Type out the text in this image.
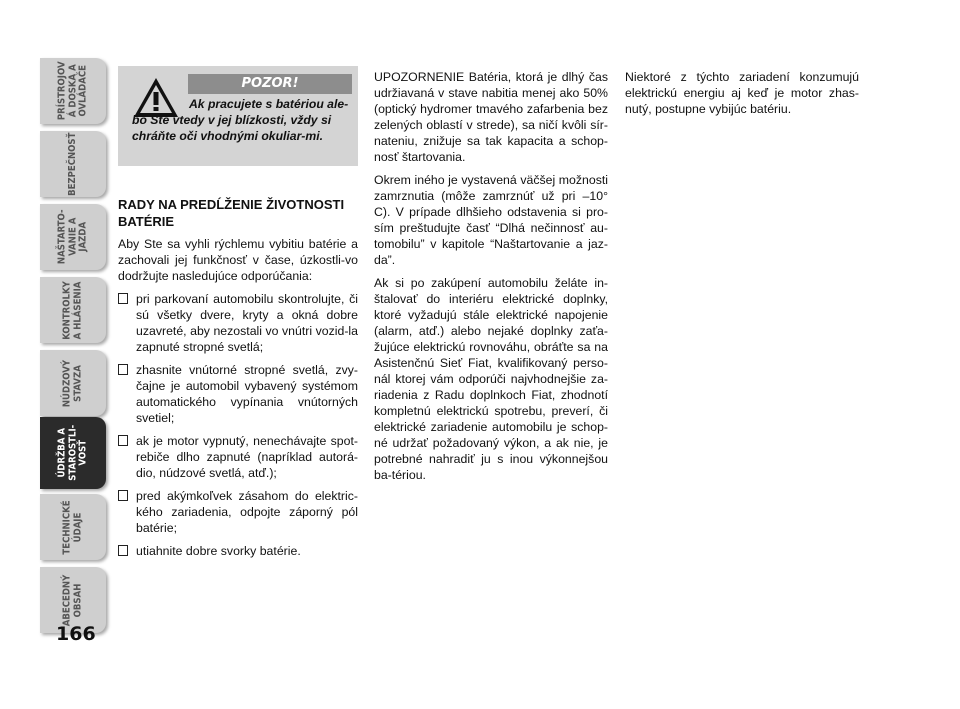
PRÍSTROJOV
Á DOSKA A
OVLÁDAČE
BEZPEČNOSŤ
NAŠTARTO-
VANIE A
JAZDA
KONTROLKY
A HLÁSENIA
NÚDZOVÝ
STAVZA
ÚDRŽBA A
STAROSTLI-
VOSŤ
TECHNICKÉ
ÚDAJE
ABECEDNÝ
OBSAH
166
POZOR!
Ak pracujete s batériou ale-bo Ste vtedy v jej blízkosti, vždy si chráňte oči vhodnými okuliar-mi.
RADY NA PREDĹŽENIE ŽIVOTNOSTI BATÉRIE

Aby Ste sa vyhli rýchlemu vybitiu batérie a zachovali jej funkčnosť v čase, úzkostli-vo dodržujte nasledujúce odporúčania:

pri parkovaní automobilu skontrolujte, či sú všetky dvere, kryty a okná dobre uzavreté, aby nezostali vo vnútri vozid-la zapnuté stropné svetlá;
zhasnite vnútorné stropné svetlá, zvy-čajne je automobil vybavený systémom automatického vypínania vnútorných svetiel;
ak je motor vypnutý, nenechávajte spot-rebiče dlho zapnuté (napríklad autorá-dio, núdzové svetlá, atď.);
pred akýmkoľvek zásahom do elektric-kého zariadenia, odpojte záporný pól batérie;
utiahnite dobre svorky batérie.

UPOZORNENIE Batéria, ktorá je dlhý čas udržiavaná v stave nabitia menej ako 50% (optický hydromer tmavého zafarbenia bez zelených oblastí v strede), sa ničí kvôli sír-nateniu, znižuje sa tak kapacita a schop-nosť štartovania.

Okrem iného je vystavená väčšej možnosti zamrznutia (môže zamrznúť už pri –10° C). V prípade dlhšieho odstavenia si pro-sím preštudujte časť “Dlhá nečinnosť au-tomobilu” v kapitole “Naštartovanie a jaz-da”.

Ak si po zakúpení automobilu želáte in-štalovať do interiéru elektrické doplnky, ktoré vyžadujú stále elektrické napojenie (alarm, atď.) alebo nejaké doplnky zaťa-žujúce elektrickú rovnováhu, obráťte sa na Asistenčnú Sieť Fiat, kvalifikovaný perso-nál ktorej vám odporúči najvhodnejšie za-riadenia z Radu doplnkoch Fiat, zhodnotí kompletnú elektrickú spotrebu, preverí, či elektrické zariadenie automobilu je schop-né udržať požadovaný výkon, a ak nie, je potrebné nahradiť ju s inou výkonnejšou ba-tériou.

Niektoré z týchto zariadení konzumujú elektrickú energiu aj keď je motor zhas-nutý, postupne vybijúc batériu.
